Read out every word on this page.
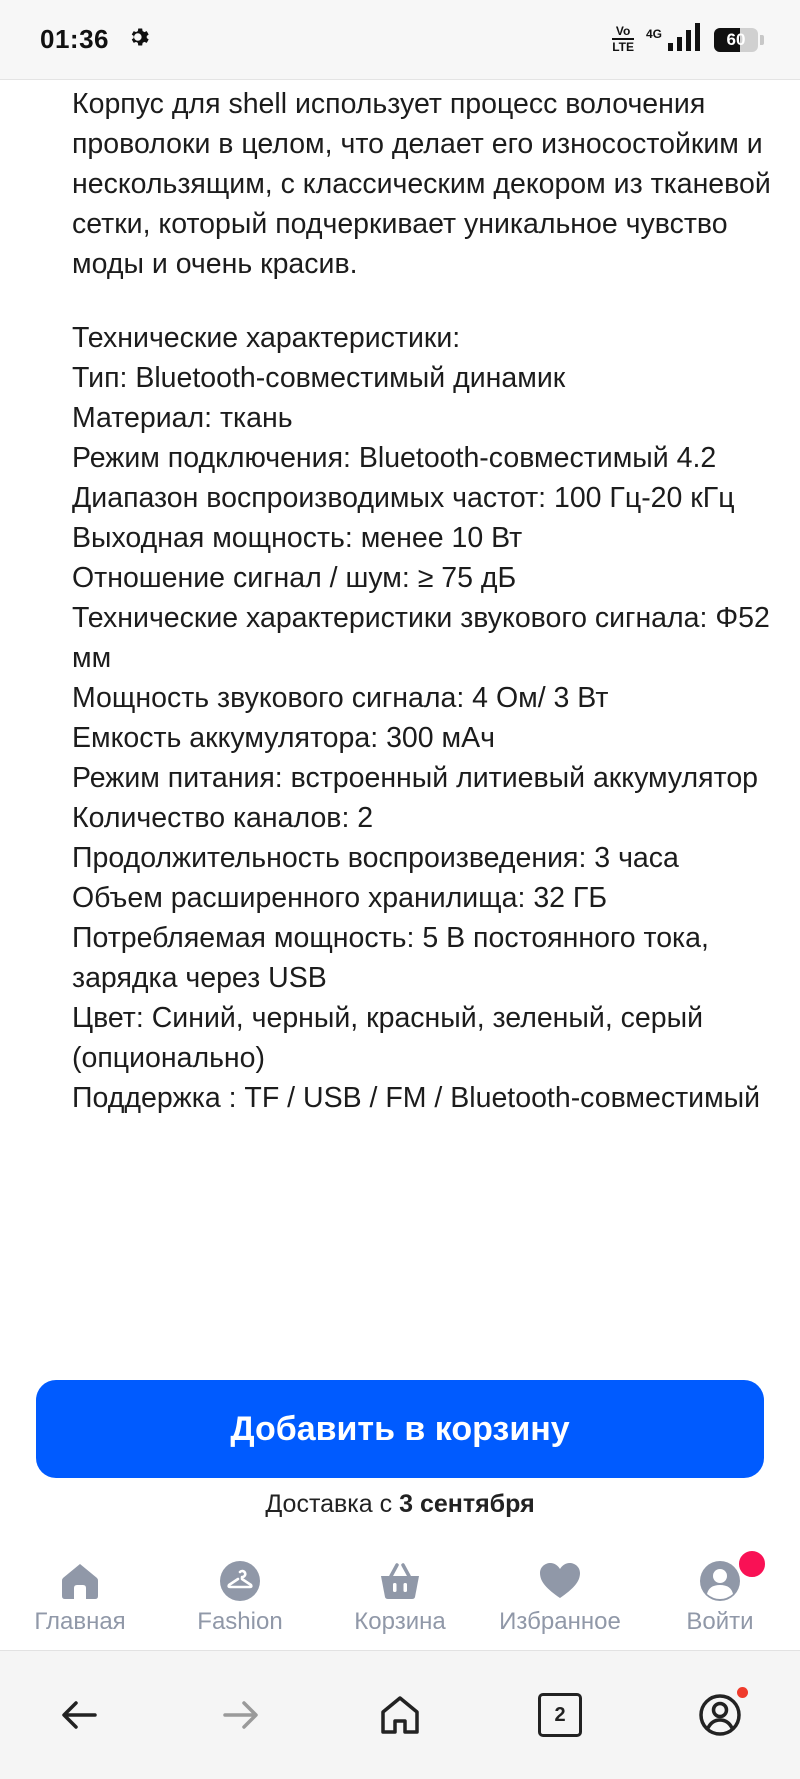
01:36	Vo
LTE
4G	60

Корпус для shell использует процесс волочения проволоки в целом, что делает его износостойким и нескользящим, с классическим декором из тканевой сетки, который подчеркивает уникальное чувство моды и очень красив.

Технические характеристики:

Тип: Bluetooth-совместимый динамик

Материал: ткань

Режим подключения: Bluetooth-совместимый 4.2

Диапазон воспроизводимых частот: 100 Гц-20 кГц

Выходная мощность: менее 10 Вт

Отношение сигнал / шум: ≥ 75 дБ

Технические характеристики звукового сигнала: Φ52 мм

Мощность звукового сигнала: 4 Ом/ 3 Вт

Емкость аккумулятора: 300 мАч

Режим питания: встроенный литиевый аккумулятор

Количество каналов: 2

Продолжительность воспроизведения: 3 часа

Объем расширенного хранилища: 32 ГБ

Потребляемая мощность: 5 В постоянного тока, зарядка через USB

Цвет: Синий, черный, красный, зеленый, серый (опционально)

Поддержка : TF / USB / FM / Bluetooth-совместимый

Добавить в корзину
Доставка с 3 сентября
Главная	Fashion	Корзина Избранное	Войти
2
